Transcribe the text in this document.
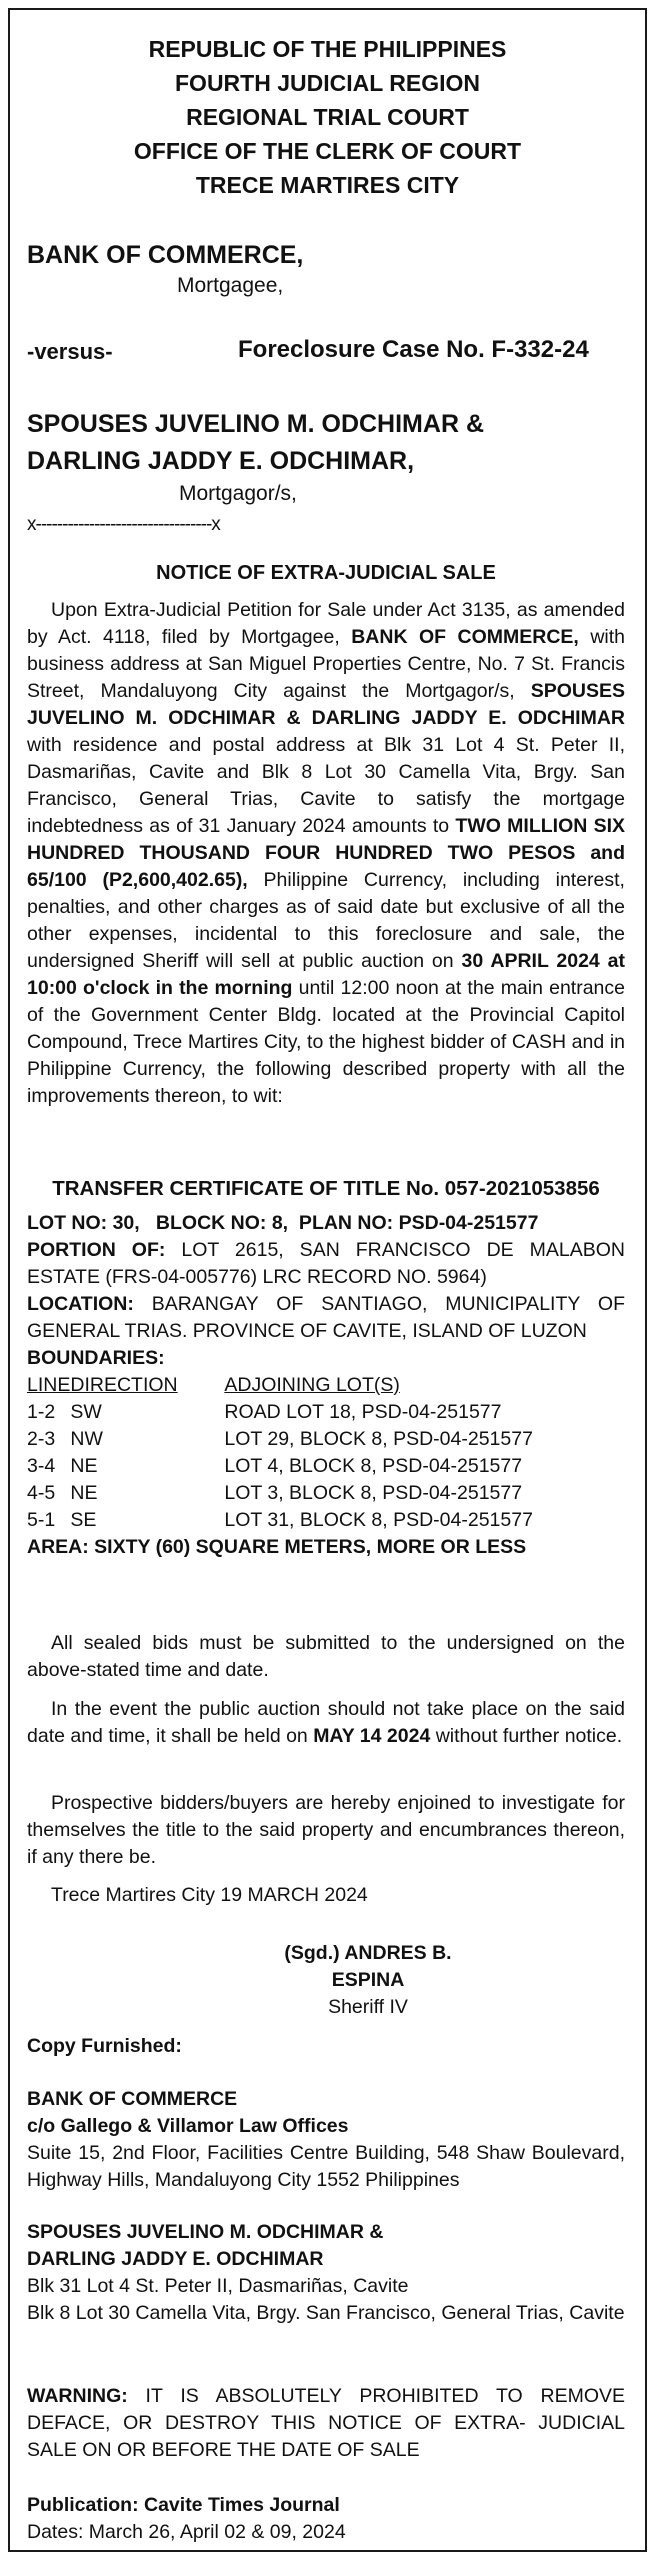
REPUBLIC OF THE PHILIPPINES
FOURTH JUDICIAL REGION
REGIONAL TRIAL COURT
OFFICE OF THE CLERK OF COURT
TRECE MARTIRES CITY
BANK OF COMMERCE,
Mortgagee,
-versus-	Foreclosure Case No. F-332-24
SPOUSES JUVELINO M. ODCHIMAR &
DARLING JADDY E. ODCHIMAR,
Mortgagor/s,
x---------------------------------x
NOTICE OF EXTRA-JUDICIAL SALE
Upon Extra-Judicial Petition for Sale under Act 3135, as amended by Act. 4118, filed by Mortgagee, BANK OF COMMERCE, with business address at San Miguel Properties Centre, No. 7 St. Francis Street, Mandaluyong City against the Mortgagor/s, SPOUSES JUVELINO M. ODCHIMAR & DARLING JADDY E. ODCHIMAR with residence and postal address at Blk 31 Lot 4 St. Peter II, Dasmariñas, Cavite and Blk 8 Lot 30 Camella Vita, Brgy. San Francisco, General Trias, Cavite to satisfy the mortgage indebtedness as of 31 January 2024 amounts to TWO MILLION SIX HUNDRED THOUSAND FOUR HUNDRED TWO PESOS and 65/100 (P2,600,402.65), Philippine Currency, including interest, penalties, and other charges as of said date but exclusive of all the other expenses, incidental to this foreclosure and sale, the undersigned Sheriff will sell at public auction on 30 APRIL 2024 at 10:00 o'clock in the morning until 12:00 noon at the main entrance of the Government Center Bldg. located at the Provincial Capitol Compound, Trece Martires City, to the highest bidder of CASH and in Philippine Currency, the following described property with all the improvements thereon, to wit:
TRANSFER CERTIFICATE OF TITLE No. 057-2021053856
LOT NO: 30,   BLOCK NO: 8,  PLAN NO: PSD-04-251577
PORTION OF: LOT 2615, SAN FRANCISCO DE MALABON ESTATE (FRS-04-005776) LRC RECORD NO. 5964)
LOCATION: BARANGAY OF SANTIAGO, MUNICIPALITY OF GENERAL TRIAS. PROVINCE OF CAVITE, ISLAND OF LUZON
BOUNDARIES:
LINE	DIRECTION	ADJOINING LOT(S)
1-2	SW	ROAD LOT 18, PSD-04-251577
2-3	NW	LOT 29, BLOCK 8, PSD-04-251577
3-4	NE	LOT 4, BLOCK 8, PSD-04-251577
4-5	NE	LOT 3, BLOCK 8, PSD-04-251577
5-1	SE	LOT 31, BLOCK 8, PSD-04-251577
AREA: SIXTY (60) SQUARE METERS, MORE OR LESS
All sealed bids must be submitted to the undersigned on the above-stated time and date.
In the event the public auction should not take place on the said date and time, it shall be held on MAY 14 2024 without further notice.
Prospective bidders/buyers are hereby enjoined to investigate for themselves the title to the said property and encumbrances thereon, if any there be.
Trece Martires City 19 MARCH 2024
(Sgd.) ANDRES B. ESPINA
Sheriff IV
Copy Furnished:
BANK OF COMMERCE
c/o Gallego & Villamor Law Offices
Suite 15, 2nd Floor, Facilities Centre Building, 548 Shaw Boulevard, Highway Hills, Mandaluyong City 1552 Philippines
SPOUSES JUVELINO M. ODCHIMAR &
DARLING JADDY E. ODCHIMAR
Blk 31 Lot 4 St. Peter II, Dasmariñas, Cavite
Blk 8 Lot 30 Camella Vita, Brgy. San Francisco, General Trias, Cavite
WARNING: IT IS ABSOLUTELY PROHIBITED TO REMOVE DEFACE, OR DESTROY THIS NOTICE OF EXTRA- JUDICIAL SALE ON OR BEFORE THE DATE OF SALE
Publication: Cavite Times Journal
Dates: March 26, April 02 & 09, 2024
